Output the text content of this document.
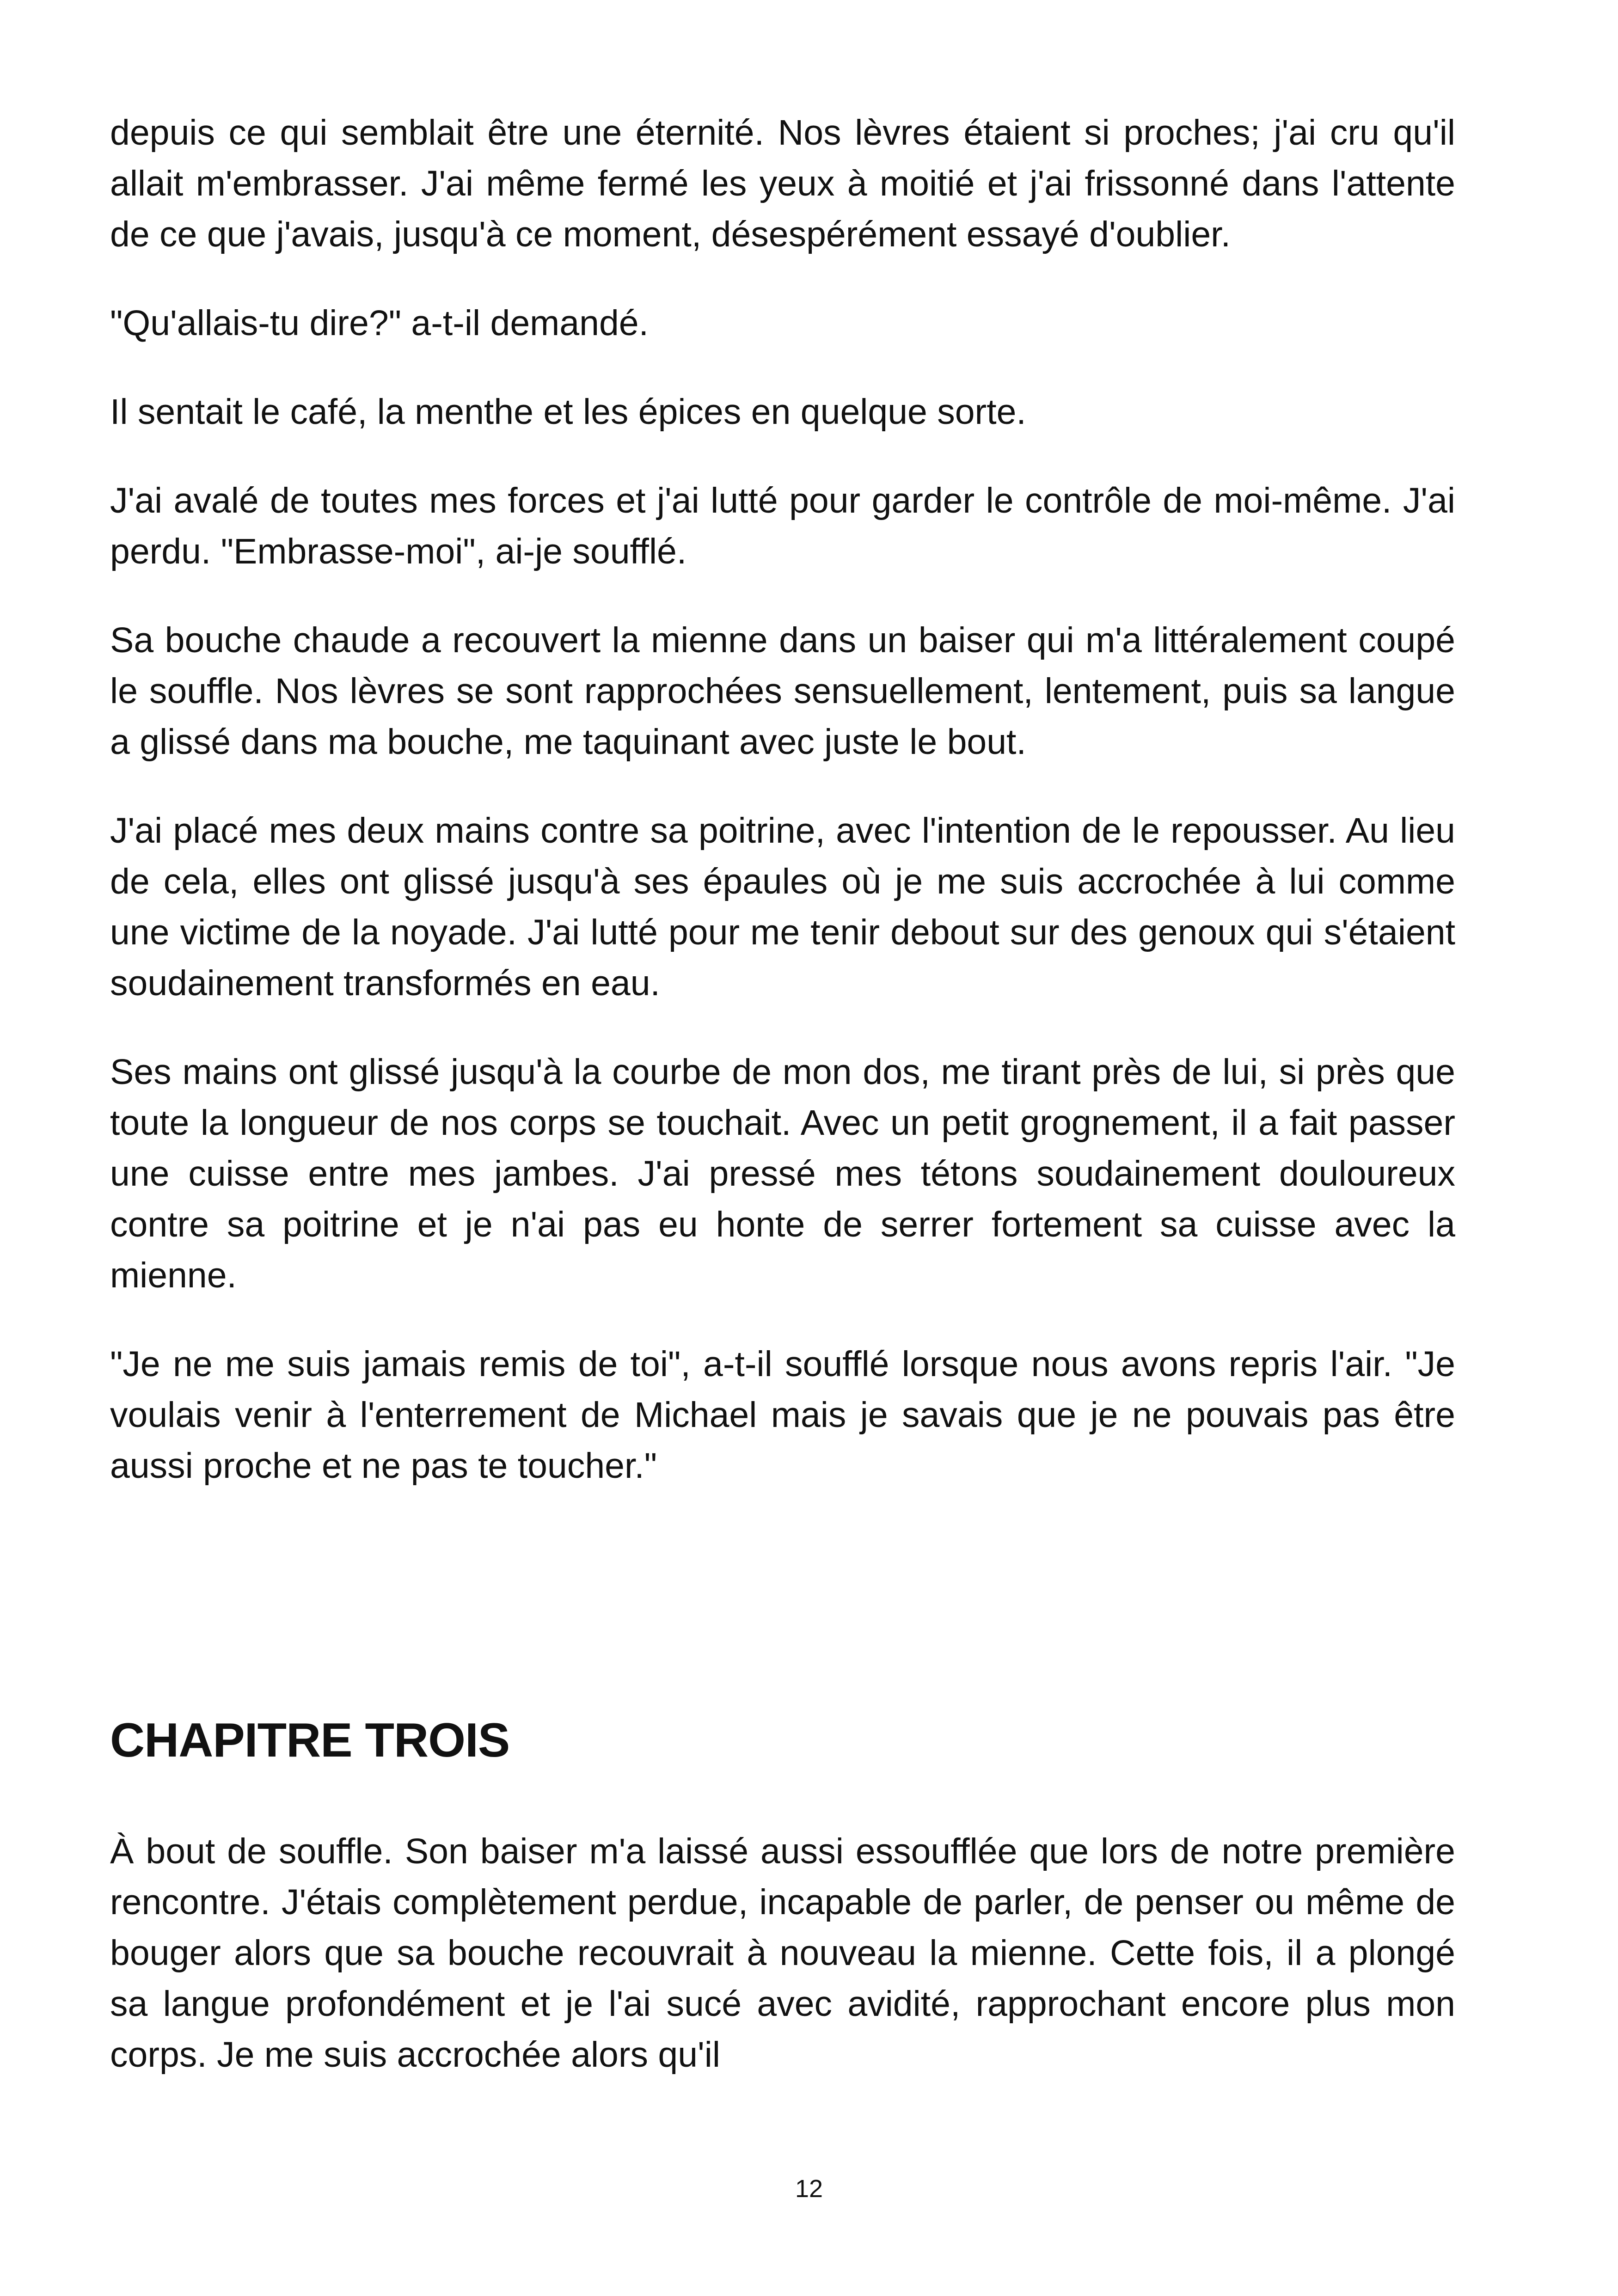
depuis ce qui semblait être une éternité. Nos lèvres étaient si proches; j'ai cru qu'il allait m'embrasser. J'ai même fermé les yeux à moitié et j'ai frissonné dans l'attente de ce que j'avais, jusqu'à ce moment, désespérément essayé d'oublier.

"Qu'allais-tu dire?" a-t-il demandé.

Il sentait le café, la menthe et les épices en quelque sorte.

J'ai avalé de toutes mes forces et j'ai lutté pour garder le contrôle de moi-même. J'ai perdu. "Embrasse-moi", ai-je soufflé.

Sa bouche chaude a recouvert la mienne dans un baiser qui m'a littéralement coupé le souffle. Nos lèvres se sont rapprochées sensuellement, lentement, puis sa langue a glissé dans ma bouche, me taquinant avec juste le bout.

J'ai placé mes deux mains contre sa poitrine, avec l'intention de le repousser. Au lieu de cela, elles ont glissé jusqu'à ses épaules où je me suis accrochée à lui comme une victime de la noyade. J'ai lutté pour me tenir debout sur des genoux qui s'étaient soudainement transformés en eau.

Ses mains ont glissé jusqu'à la courbe de mon dos, me tirant près de lui, si près que toute la longueur de nos corps se touchait. Avec un petit grognement, il a fait passer une cuisse entre mes jambes. J'ai pressé mes tétons soudainement douloureux contre sa poitrine et je n'ai pas eu honte de serrer fortement sa cuisse avec la mienne.

"Je ne me suis jamais remis de toi", a-t-il soufflé lorsque nous avons repris l'air. "Je voulais venir à l'enterrement de Michael mais je savais que je ne pouvais pas être aussi proche et ne pas te toucher."

CHAPITRE TROIS

À bout de souffle. Son baiser m'a laissé aussi essoufflée que lors de notre première rencontre. J'étais complètement perdue, incapable de parler, de penser ou même de bouger alors que sa bouche recouvrait à nouveau la mienne. Cette fois, il a plongé sa langue profondément et je l'ai sucé avec avidité, rapprochant encore plus mon corps. Je me suis accrochée alors qu'il

12
